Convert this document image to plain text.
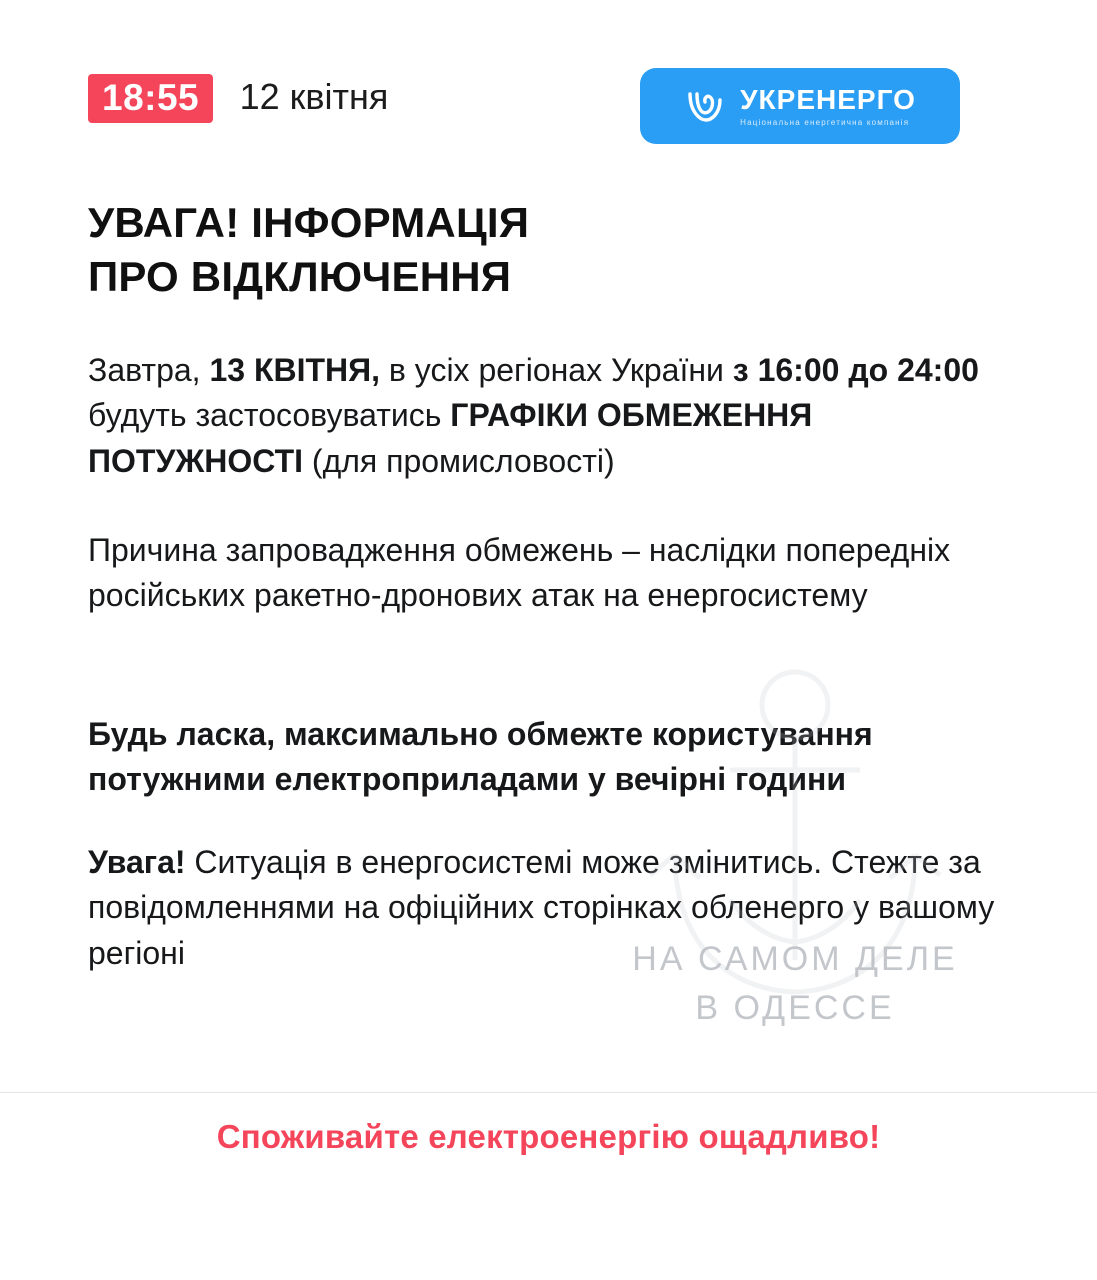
18:55 12 квітня	УКРЕНЕРГО
Національна енергетична компанія
УВАГА! ІНФОРМАЦІЯ
ПРО ВІДКЛЮЧЕННЯ
Завтра, 13 КВІТНЯ, в усіх регіонах України з 16:00 до 24:00 будуть застосовуватись ГРАФІКИ ОБМЕЖЕННЯ ПОТУЖНОСТІ (для промисловості)
Причина запровадження обмежень – наслідки попередніх російських ракетно-дронових атак на енергосистему
Будь ласка, максимально обмежте користування потужними електроприладами у вечірні години
Увага! Ситуація в енергосистемі може змінитись. Стежте за повідомленнями на офіційних сторінках обленерго у вашому регіоні	НА САМОМ ДЕЛЕ
В ОДЕССЕ
Споживайте електроенергію ощадливо!
